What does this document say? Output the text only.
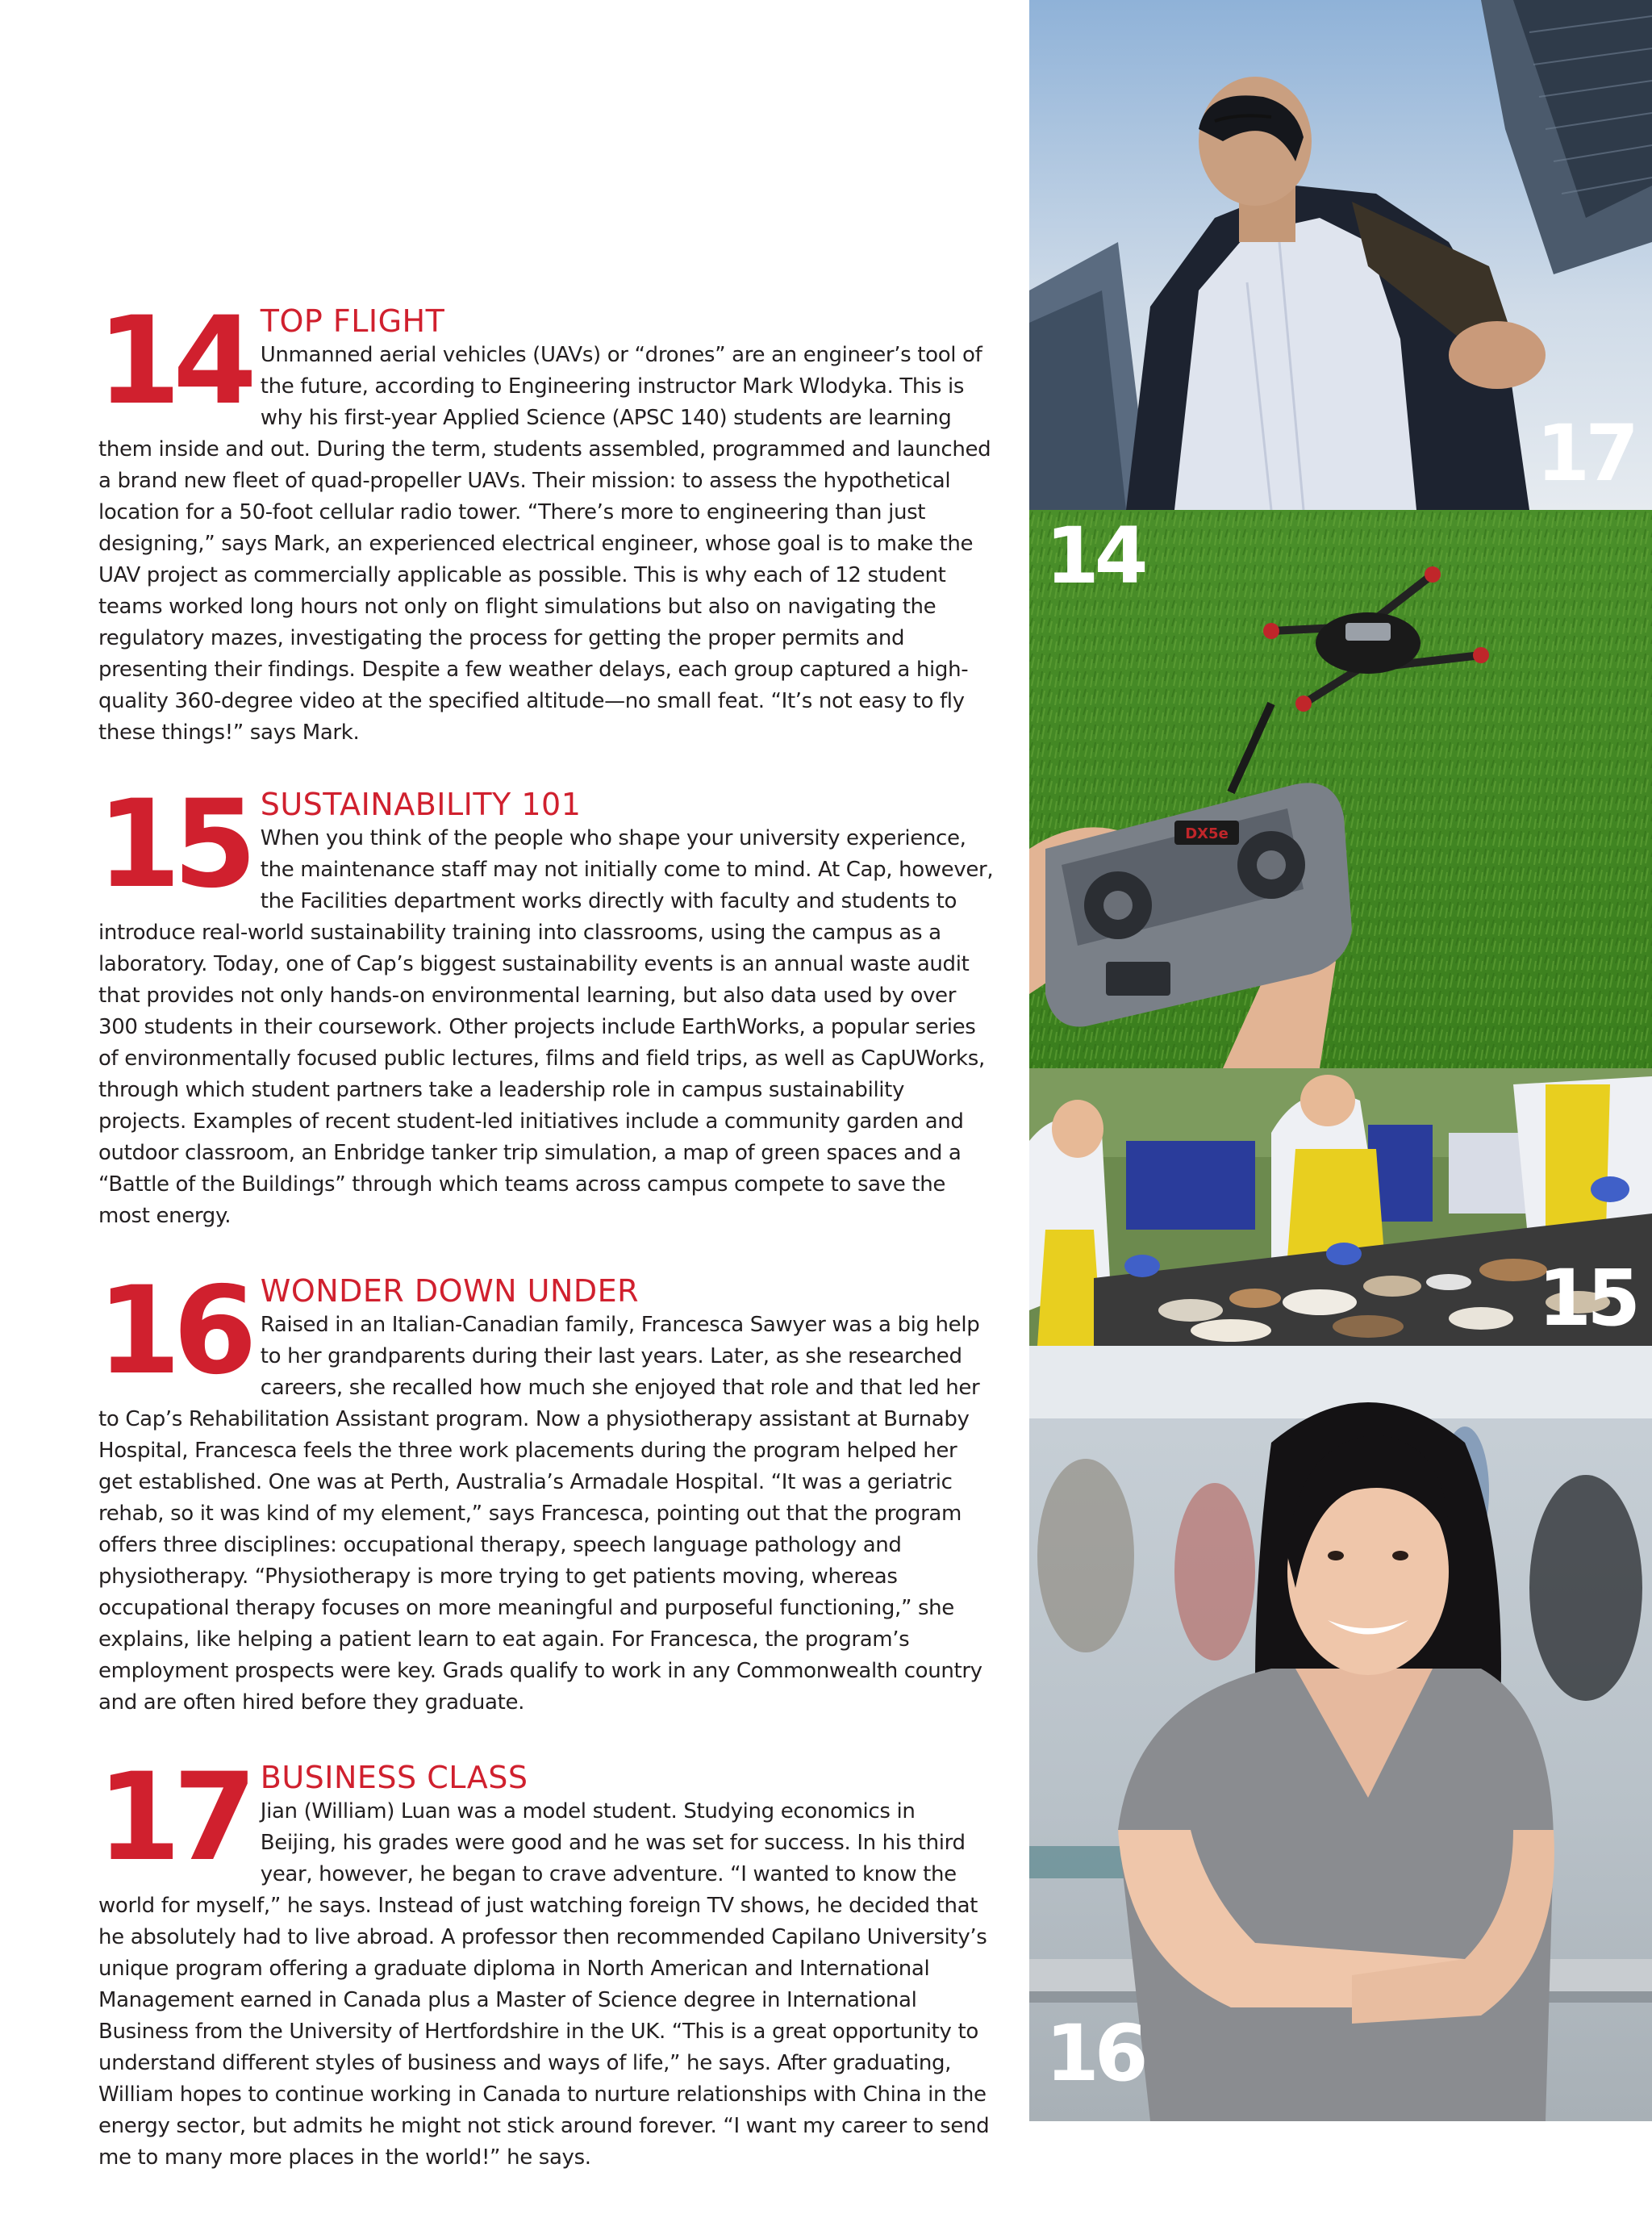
14 TOP FLIGHT

Unmanned aerial vehicles (UAVs) or “drones” are an engineer’s tool of the future, according to Engineering instructor Mark Wlodyka. This is why his first-year Applied Science (APSC 140) students are learning them inside and out. During the term, students assembled, programmed and launched a brand new fleet of quad-propeller UAVs. Their mission: to assess the hypothetical location for a 50-foot cellular radio tower. “There’s more to engineering than just designing,” says Mark, an experienced electrical engineer, whose goal is to make the UAV project as commercially applicable as possible. This is why each of 12 student teams worked long hours not only on flight simulations but also on navigating the regulatory mazes, investigating the process for getting the proper permits and presenting their findings. Despite a few weather delays, each group captured a high-quality 360-degree video at the specified altitude—no small feat. “It’s not easy to fly these things!” says Mark.

15 SUSTAINABILITY 101

When you think of the people who shape your university experience, the maintenance staff may not initially come to mind. At Cap, however, the Facilities department works directly with faculty and students to introduce real-world sustainability training into classrooms, using the campus as a laboratory. Today, one of Cap’s biggest sustainability events is an annual waste audit that provides not only hands-on environmental learning, but also data used by over 300 students in their coursework. Other projects include EarthWorks, a popular series of environmentally focused public lectures, films and field trips, as well as CapUWorks, through which student partners take a leadership role in campus sustainability projects. Examples of recent student-led initiatives include a community garden and outdoor classroom, an Enbridge tanker trip simulation, a map of green spaces and a “Battle of the Buildings” through which teams across campus compete to save the most energy.

16 WONDER DOWN UNDER

Raised in an Italian-Canadian family, Francesca Sawyer was a big help to her grandparents during their last years. Later, as she researched careers, she recalled how much she enjoyed that role and that led her to Cap’s Rehabilitation Assistant program. Now a physiotherapy assistant at Burnaby Hospital, Francesca feels the three work placements during the program helped her get established. One was at Perth, Australia’s Armadale Hospital. “It was a geriatric rehab, so it was kind of my element,” says Francesca, pointing out that the program offers three disciplines: occupational therapy, speech language pathology and physiotherapy. “Physiotherapy is more trying to get patients moving, whereas occupational therapy focuses on more meaningful and purposeful functioning,” she explains, like helping a patient learn to eat again. For Francesca, the program’s employment prospects were key. Grads qualify to work in any Commonwealth country and are often hired before they graduate.

17 BUSINESS CLASS

Jian (William) Luan was a model student. Studying economics in Beijing, his grades were good and he was set for success. In his third year, however, he began to crave adventure. “I wanted to know the world for myself,” he says. Instead of just watching foreign TV shows, he decided that he absolutely had to live abroad. A professor then recommended Capilano University’s unique program offering a graduate diploma in North American and International Management earned in Canada plus a Master of Science degree in International Business from the University of Hertfordshire in the UK. “This is a great opportunity to understand different styles of business and ways of life,” he says. After graduating, William hopes to continue working in Canada to nurture relationships with China in the energy sector, but admits he might not stick around forever. “I want my career to send me to many more places in the world!” he says.

17
DX5e
14
15
16
